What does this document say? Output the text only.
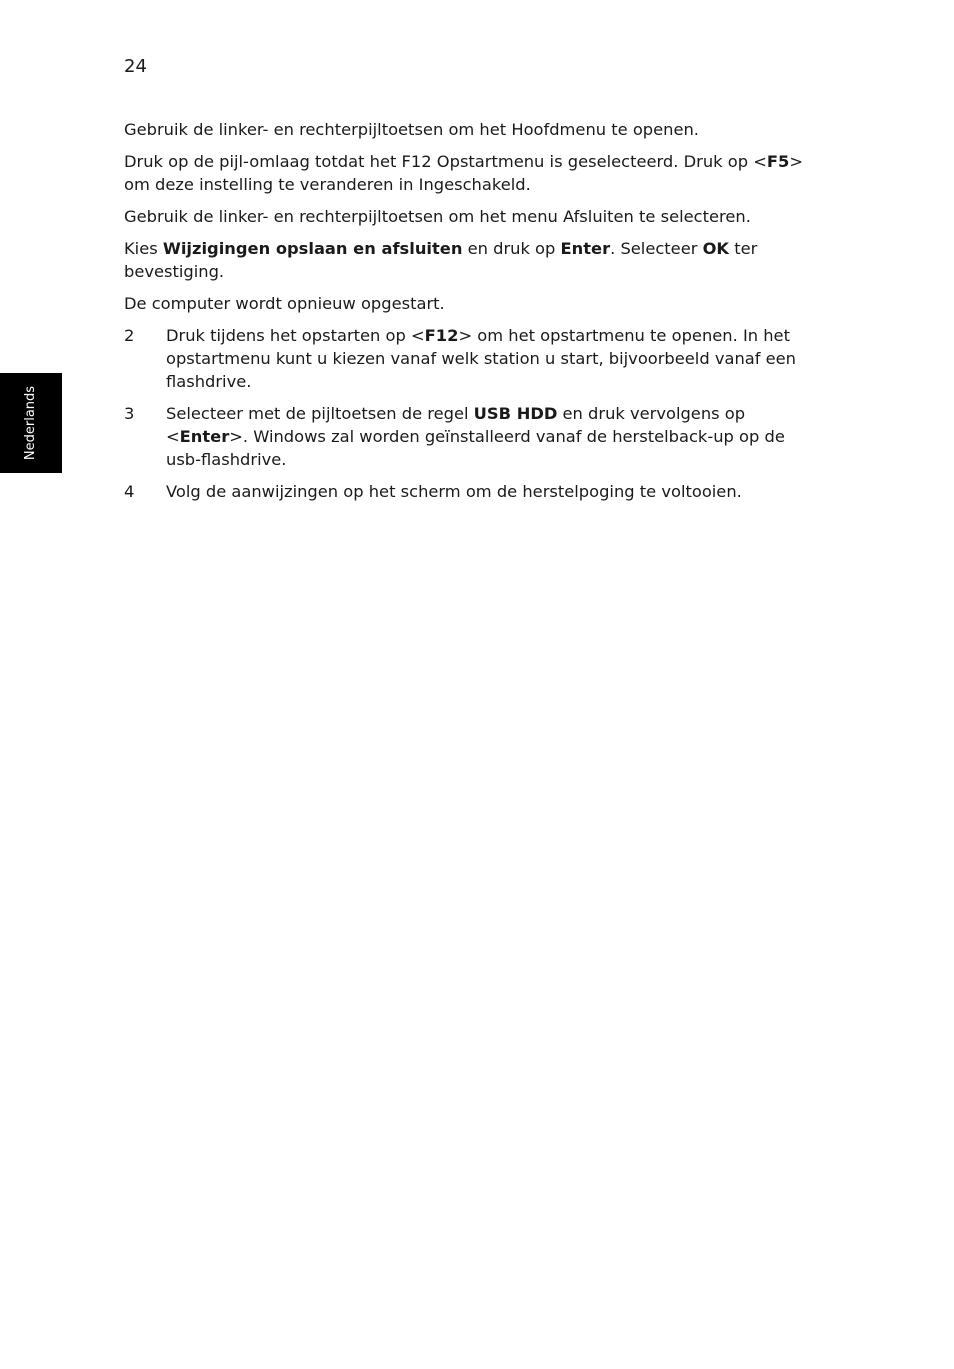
24
Nederlands

Gebruik de linker- en rechterpijltoetsen om het Hoofdmenu te openen.

Druk op de pijl-omlaag totdat het F12 Opstartmenu is geselecteerd. Druk op <F5> om deze instelling te veranderen in Ingeschakeld.

Gebruik de linker- en rechterpijltoetsen om het menu Afsluiten te selecteren.

Kies Wijzigingen opslaan en afsluiten en druk op Enter. Selecteer OK ter bevestiging.

De computer wordt opnieuw opgestart.

2	Druk tijdens het opstarten op <F12> om het opstartmenu te openen. In het opstartmenu kunt u kiezen vanaf welk station u start, bijvoorbeeld vanaf een flashdrive.
3	Selecteer met de pijltoetsen de regel USB HDD en druk vervolgens op <Enter>. Windows zal worden geïnstalleerd vanaf de herstelback-up op de usb-flashdrive.
4	Volg de aanwijzingen op het scherm om de herstelpoging te voltooien.
